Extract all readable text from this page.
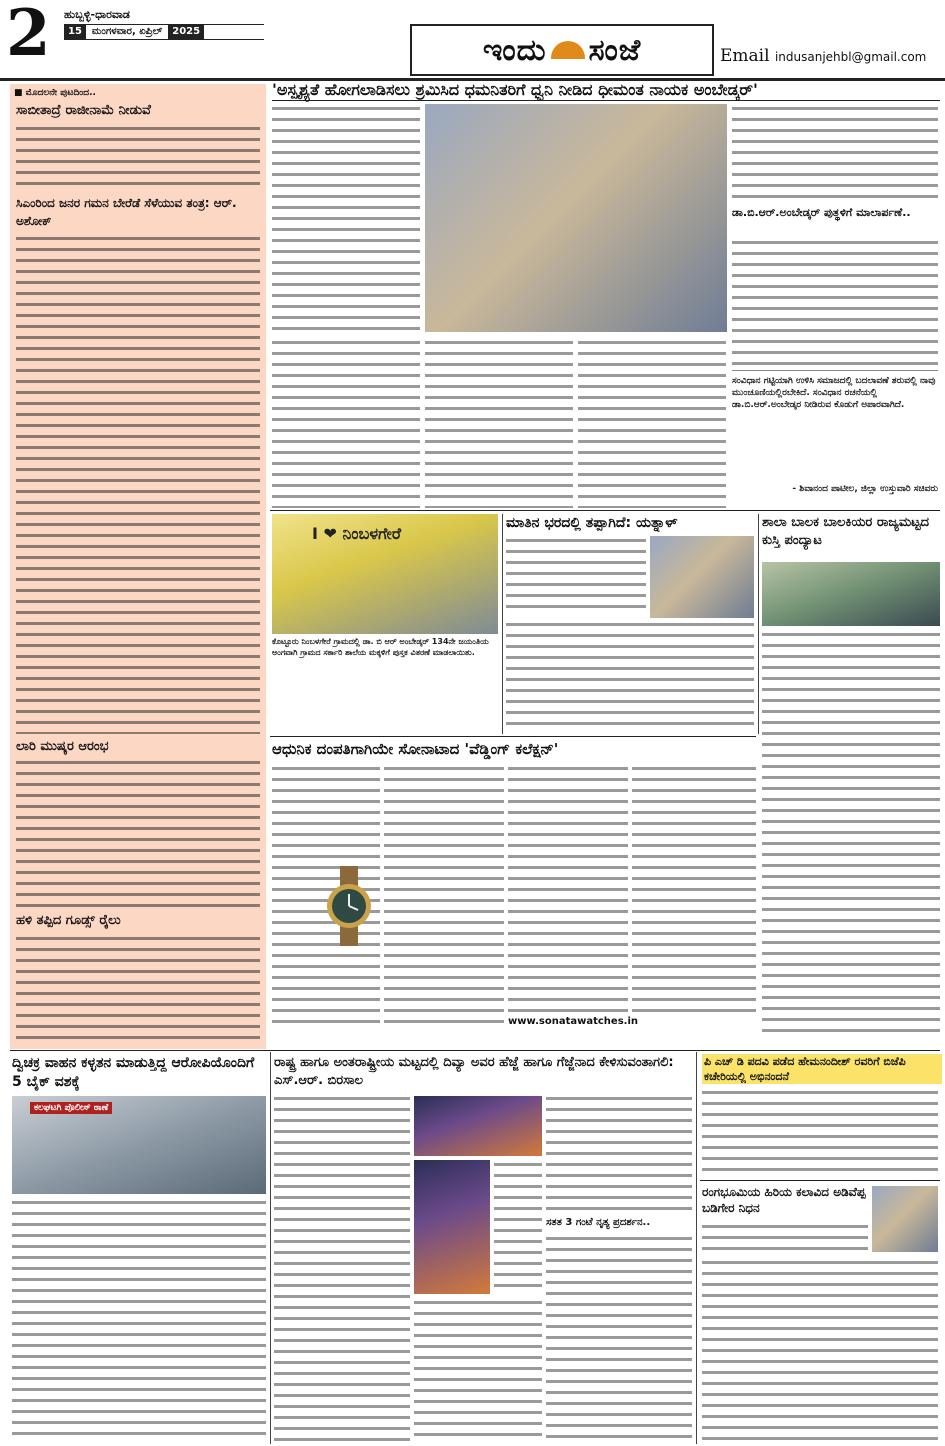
2 ಹುಬ್ಬಳ್ಳಿ-ಧಾರವಾಡ
15	ಮಂಗಳವಾರ, ಏಪ್ರಿಲ್	2025
ಇಂದು ಸಂಜೆ	Email indusanjehbl@gmail.com
■ ಮೊದಲನೇ ಪುಟದಿಂದ..
ಸಾಬೀತಾದ್ರೆ ರಾಜೀನಾಮೆ ನೀಡುವೆ
ಸಿಎಂರಿಂದ ಜನರ ಗಮನ ಬೇರೆಡೆ ಸೆಳೆಯುವ ತಂತ್ರ: ಆರ್. ಅಶೋಕ್
ಲಾರಿ ಮುಷ್ಕರ ಆರಂಭ
ಹಳಿ ತಪ್ಪಿದ ಗೂಡ್ಸ್ ರೈಲು
'ಅಸ್ಪೃಶ್ಯತೆ ಹೋಗಲಾಡಿಸಲು ಶ್ರಮಿಸಿದ ಧಮನಿತರಿಗೆ ಧ್ವನಿ ನೀಡಿದ ಧೀಮಂತ ನಾಯಕ ಅಂಬೇಡ್ಕರ್'
ಡಾ.ಬಿ.ಆರ್.ಅಂಬೇಡ್ಕರ್ ಪುತ್ಥಳಿಗೆ ಮಾಲಾರ್ಪಣೆ..
ಸಂವಿಧಾನ ಗಟ್ಟಿಯಾಗಿ ಉಳಿಸಿ ಸಮಾಜದಲ್ಲಿ ಬದಲಾವಣೆ ತರುವಲ್ಲಿ ನಾವು ಮುಂಚೂಣಿಯಲ್ಲಿರಬೇಕಿದೆ. ಸಂವಿಧಾನ ರಚನೆಯಲ್ಲಿ ಡಾ.ಬಿ.ಆರ್.ಅಂಬೇಡ್ಕರ ನೀಡಿರುವ ಕೊಡುಗೆ ಅಪಾರವಾಗಿದೆ.
- ಶಿವಾನಂದ ಪಾಟೀಲ, ಜಿಲ್ಲಾ ಉಸ್ತುವಾರಿ ಸಚಿವರು
I ❤ ನಿಂಬಳಗೇರೆ
ಕೊಟ್ಟೂರು ನಿಂಬಳಗೇರೆ ಗ್ರಾಮದಲ್ಲಿ ಡಾ. ಬಿ ಆರ್ ಅಂಬೇಡ್ಕರ್ 134ನೇ ಜಯಂತಿಯ ಅಂಗವಾಗಿ ಗ್ರಾಮದ ಸರ್ಕಾರಿ ಶಾಲೆಯ ಮಕ್ಕಳಿಗೆ ಪುಸ್ತಕ ವಿತರಣೆ ಮಾಡಲಾಯಿತು.
ಮಾತಿನ ಭರದಲ್ಲಿ ತಪ್ಪಾಗಿದೆ: ಯತ್ನಾಳ್	ಶಾಲಾ ಬಾಲಕ ಬಾಲಕಿಯರ ರಾಜ್ಯಮಟ್ಟದ ಕುಸ್ತಿ ಪಂದ್ಯಾಟ
ಆಧುನಿಕ ದಂಪತಿಗಾಗಿಯೇ ಸೋನಾಟಾದ 'ವೆಡ್ಡಿಂಗ್ ಕಲೆಕ್ಷನ್'
www.sonatawatches.in
ದ್ವಿಚಕ್ರ ವಾಹನ ಕಳ್ಳತನ ಮಾಡುತ್ತಿದ್ದ ಆರೋಪಿಯೊಂದಿಗೆ 5 ಬೈಕ್ ವಶಕ್ಕೆ
ಕಲಘಟಗಿ ಪೊಲೀಸ್ ಠಾಣೆ
ರಾಷ್ಟ್ರ ಹಾಗೂ ಅಂತರಾಷ್ಟ್ರೀಯ ಮಟ್ಟದಲ್ಲಿ ದಿವ್ಯಾ ಅವರ ಹೆಜ್ಜೆ ಹಾಗೂ ಗೆಜ್ಜೆನಾದ ಕೇಳಿಸುವಂತಾಗಲಿ: ಎಸ್.ಆರ್. ಬಿರಸಾಲ
ಸತತ 3 ಗಂಟೆ ನೃತ್ಯ ಪ್ರದರ್ಶನ..
ಪಿ ಎಚ್ ಡಿ ಪದವಿ ಪಡೆದ ಹೇಮನಂದೀಶ್ ರವರಿಗೆ ಬಿಜೆಪಿ ಕಚೇರಿಯಲ್ಲಿ ಅಭಿನಂದನೆ
ರಂಗಭೂಮಿಯ ಹಿರಿಯ ಕಲಾವಿದ ಅಡಿವೆಪ್ಪ ಬಡಿಗೇರ ನಿಧನ
